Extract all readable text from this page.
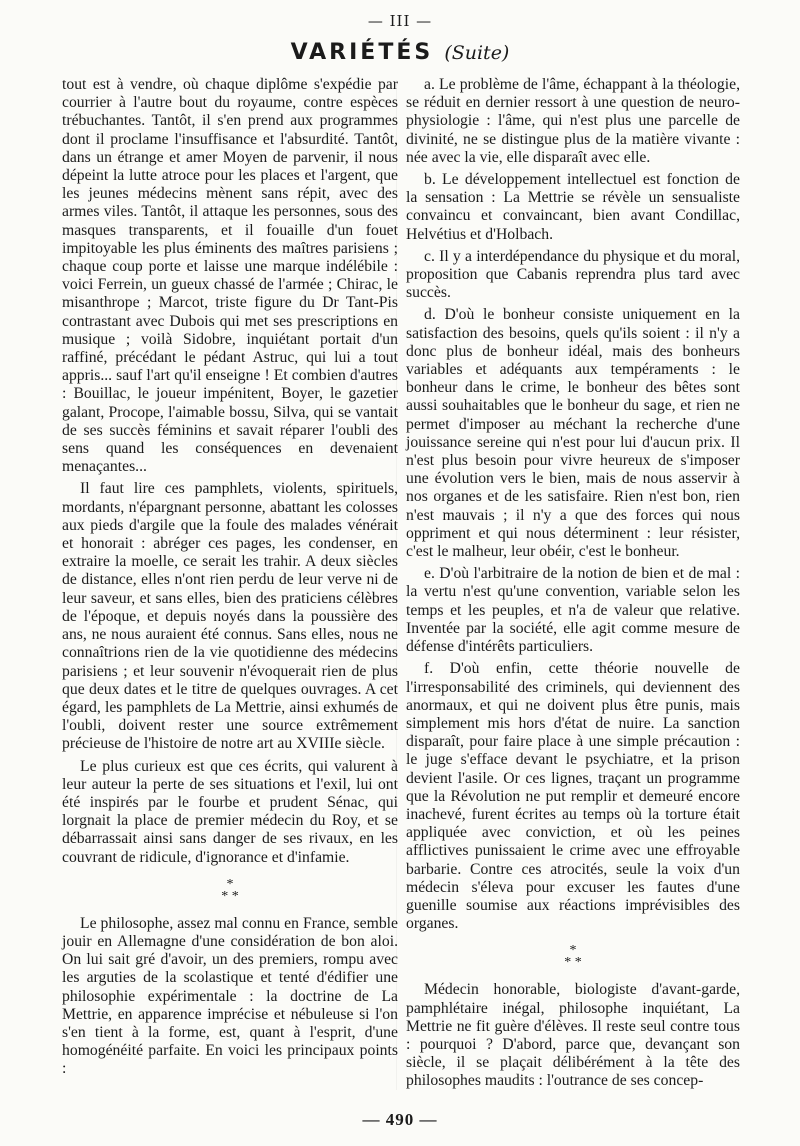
— III —
VARIÉTÉS (Suite)

tout est à vendre, où chaque diplôme s'expédie par courrier à l'autre bout du royaume, contre espèces trébuchantes. Tantôt, il s'en prend aux programmes dont il proclame l'insuffisance et l'absurdité. Tantôt, dans un étrange et amer Moyen de parvenir, il nous dépeint la lutte atroce pour les places et l'argent, que les jeunes médecins mènent sans répit, avec des armes viles. Tantôt, il attaque les personnes, sous des masques transparents, et il fouaille d'un fouet impitoyable les plus éminents des maîtres parisiens ; chaque coup porte et laisse une marque indélébile : voici Ferrein, un gueux chassé de l'armée ; Chirac, le misanthrope ; Marcot, triste figure du Dr Tant-Pis contrastant avec Dubois qui met ses prescriptions en musique ; voilà Sidobre, inquiétant portait d'un raffiné, précédant le pédant Astruc, qui lui a tout appris... sauf l'art qu'il enseigne ! Et combien d'autres : Bouillac, le joueur impénitent, Boyer, le gazetier galant, Procope, l'aimable bossu, Silva, qui se vantait de ses succès féminins et savait réparer l'oubli des sens quand les conséquences en devenaient menaçantes...

Il faut lire ces pamphlets, violents, spirituels, mordants, n'épargnant personne, abattant les colosses aux pieds d'argile que la foule des malades vénérait et honorait : abréger ces pages, les condenser, en extraire la moelle, ce serait les trahir. A deux siècles de distance, elles n'ont rien perdu de leur verve ni de leur saveur, et sans elles, bien des praticiens célèbres de l'époque, et depuis noyés dans la poussière des ans, ne nous auraient été connus. Sans elles, nous ne connaîtrions rien de la vie quotidienne des médecins parisiens ; et leur souvenir n'évoquerait rien de plus que deux dates et le titre de quelques ouvrages. A cet égard, les pamphlets de La Mettrie, ainsi exhumés de l'oubli, doivent rester une source extrêmement précieuse de l'histoire de notre art au XVIIIe siècle.

Le plus curieux est que ces écrits, qui valurent à leur auteur la perte de ses situations et l'exil, lui ont été inspirés par le fourbe et prudent Sénac, qui lorgnait la place de premier médecin du Roy, et se débarrassait ainsi sans danger de ses rivaux, en les couvrant de ridicule, d'ignorance et d'infamie.

*
* *

Le philosophe, assez mal connu en France, semble jouir en Allemagne d'une considération de bon aloi. On lui sait gré d'avoir, un des premiers, rompu avec les arguties de la scolastique et tenté d'édifier une philosophie expérimentale : la doctrine de La Mettrie, en apparence imprécise et nébuleuse si l'on s'en tient à la forme, est, quant à l'esprit, d'une homogénéité parfaite. En voici les principaux points :

a. Le problème de l'âme, échappant à la théologie, se réduit en dernier ressort à une question de neuro-physiologie : l'âme, qui n'est plus une parcelle de divinité, ne se distingue plus de la matière vivante : née avec la vie, elle disparaît avec elle.

b. Le développement intellectuel est fonction de la sensation : La Mettrie se révèle un sensualiste convaincu et convaincant, bien avant Condillac, Helvétius et d'Holbach.

c. Il y a interdépendance du physique et du moral, proposition que Cabanis reprendra plus tard avec succès.

d. D'où le bonheur consiste uniquement en la satisfaction des besoins, quels qu'ils soient : il n'y a donc plus de bonheur idéal, mais des bonheurs variables et adéquants aux tempéraments : le bonheur dans le crime, le bonheur des bêtes sont aussi souhaitables que le bonheur du sage, et rien ne permet d'imposer au méchant la recherche d'une jouissance sereine qui n'est pour lui d'aucun prix. Il n'est plus besoin pour vivre heureux de s'imposer une évolution vers le bien, mais de nous asservir à nos organes et de les satisfaire. Rien n'est bon, rien n'est mauvais ; il n'y a que des forces qui nous oppriment et qui nous déterminent : leur résister, c'est le malheur, leur obéir, c'est le bonheur.

e. D'où l'arbitraire de la notion de bien et de mal : la vertu n'est qu'une convention, variable selon les temps et les peuples, et n'a de valeur que relative. Inventée par la société, elle agit comme mesure de défense d'intérêts particuliers.

f. D'où enfin, cette théorie nouvelle de l'irresponsabilité des criminels, qui deviennent des anormaux, et qui ne doivent plus être punis, mais simplement mis hors d'état de nuire. La sanction disparaît, pour faire place à une simple précaution : le juge s'efface devant le psychiatre, et la prison devient l'asile. Or ces lignes, traçant un programme que la Révolution ne put remplir et demeuré encore inachevé, furent écrites au temps où la torture était appliquée avec conviction, et où les peines afflictives punissaient le crime avec une effroyable barbarie. Contre ces atrocités, seule la voix d'un médecin s'éleva pour excuser les fautes d'une guenille soumise aux réactions imprévisibles des organes.

*
* *

Médecin honorable, biologiste d'avant-garde, pamphlétaire inégal, philosophe inquiétant, La Mettrie ne fit guère d'élèves. Il reste seul contre tous : pourquoi ? D'abord, parce que, devançant son siècle, il se plaçait délibérément à la tête des philosophes maudits : l'outrance de ses concep-

— 490 —
